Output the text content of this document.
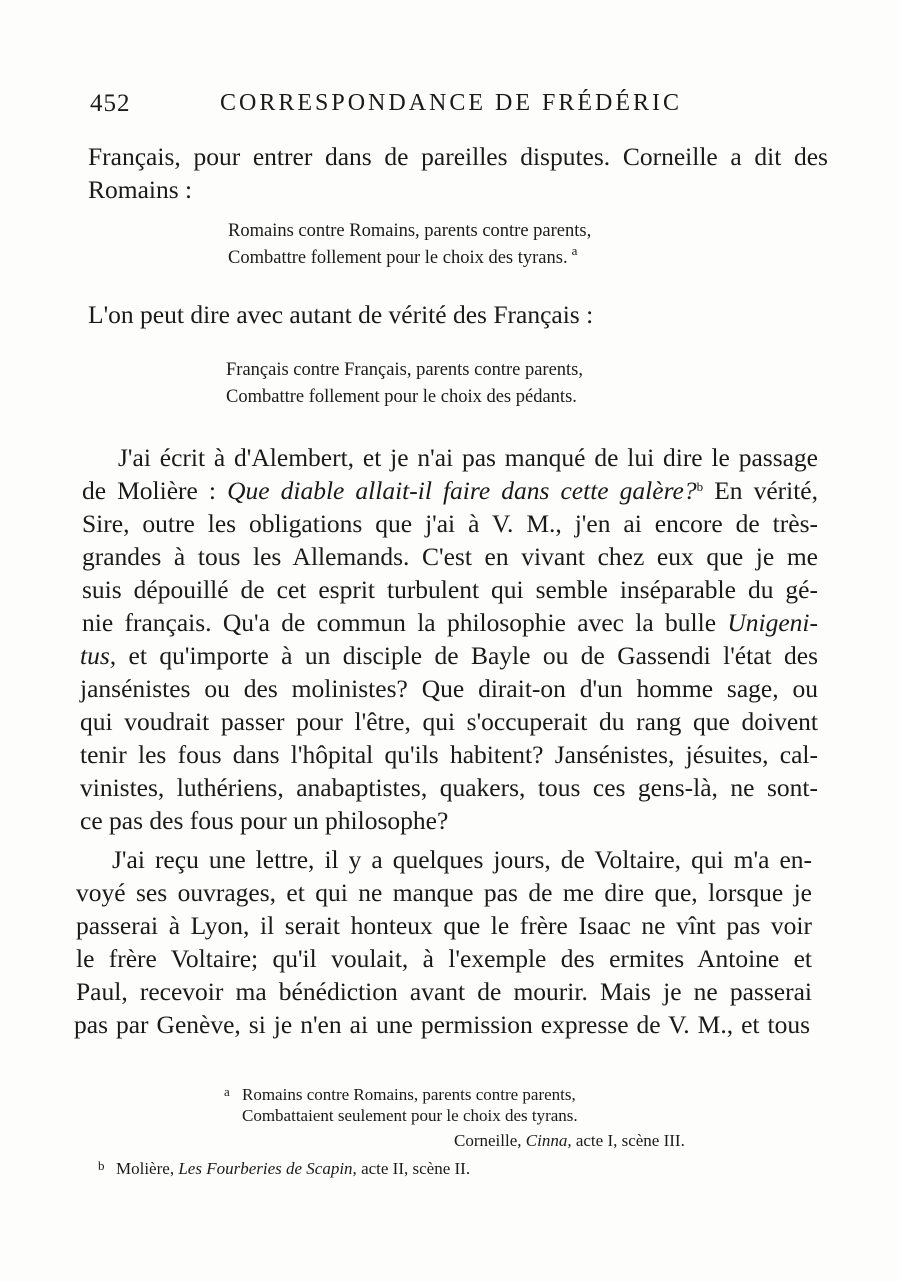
452	CORRESPONDANCE DE FRÉDÉRIC
Français, pour entrer dans de pareilles disputes. Corneille a dit des
Romains :
Romains contre Romains, parents contre parents,
Combattre follement pour le choix des tyrans. $^a$
L'on peut dire avec autant de vérité des Français :
Français contre Français, parents contre parents,
Combattre follement pour le choix des pédants.
J'ai écrit à d'Alembert, et je n'ai pas manqué de lui dire le passage
de Molière : Que diable allait-il faire dans cette galère?$^b$ En vérité,
Sire, outre les obligations que j'ai à V. M., j'en ai encore de très-
grandes à tous les Allemands. C'est en vivant chez eux que je me
suis dépouillé de cet esprit turbulent qui semble inséparable du gé-
nie français. Qu'a de commun la philosophie avec la bulle Unigeni-
tus, et qu'importe à un disciple de Bayle ou de Gassendi l'état des
jansénistes ou des molinistes? Que dirait-on d'un homme sage, ou
qui voudrait passer pour l'être, qui s'occuperait du rang que doivent
tenir les fous dans l'hôpital qu'ils habitent? Jansénistes, jésuites, cal-
vinistes, luthériens, anabaptistes, quakers, tous ces gens-là, ne sont-
ce pas des fous pour un philosophe?
J'ai reçu une lettre, il y a quelques jours, de Voltaire, qui m'a en-
voyé ses ouvrages, et qui ne manque pas de me dire que, lorsque je
passerai à Lyon, il serait honteux que le frère Isaac ne vînt pas voir
le frère Voltaire; qu'il voulait, à l'exemple des ermites Antoine et
Paul, recevoir ma bénédiction avant de mourir. Mais je ne passerai
pas par Genève, si je n'en ai une permission expresse de V. M., et tous
a Romains contre Romains, parents contre parents,
Combattaient seulement pour le choix des tyrans.
Corneille, Cinna, acte I, scène III.
b Molière, Les Fourberies de Scapin, acte II, scène II.
